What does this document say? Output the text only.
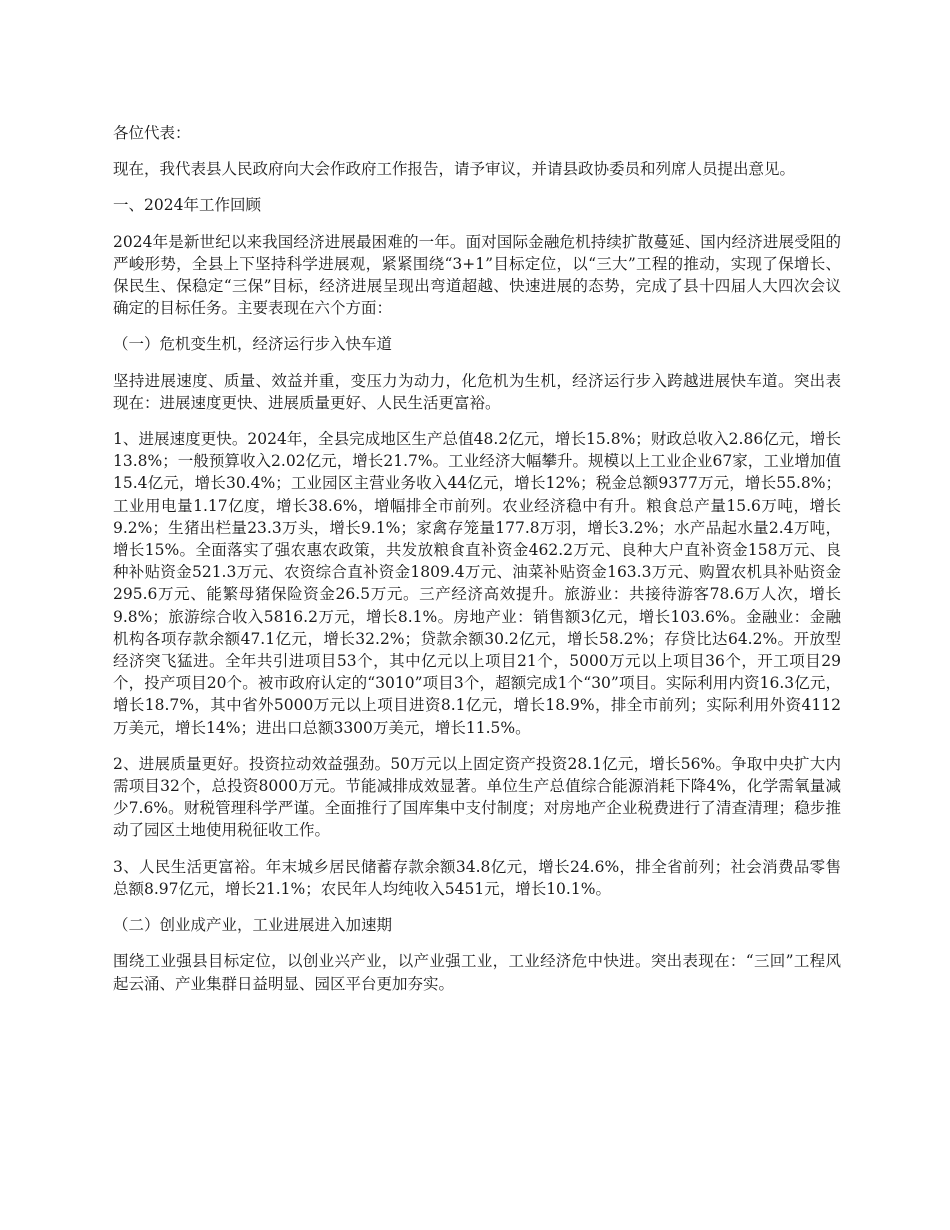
各位代表：

现在，我代表县人民政府向大会作政府工作报告，请予审议，并请县政协委员和列席人员提出意见。

一、2024年工作回顾

2024年是新世纪以来我国经济进展最困难的一年。面对国际金融危机持续扩散蔓延、国内经济进展受阻的严峻形势，全县上下坚持科学进展观，紧紧围绕“3+1”目标定位，以“三大”工程的推动，实现了保增长、保民生、保稳定“三保”目标，经济进展呈现出弯道超越、快速进展的态势，完成了县十四届人大四次会议确定的目标任务。主要表现在六个方面：

（一）危机变生机，经济运行步入快车道

坚持进展速度、质量、效益并重，变压力为动力，化危机为生机，经济运行步入跨越进展快车道。突出表现在：进展速度更快、进展质量更好、人民生活更富裕。

1、进展速度更快。2024年，全县完成地区生产总值48.2亿元，增长15.8%；财政总收入2.86亿元，增长13.8%；一般预算收入2.02亿元，增长21.7%。工业经济大幅攀升。规模以上工业企业67家，工业增加值15.4亿元，增长30.4%；工业园区主营业务收入44亿元，增长12%；税金总额9377万元，增长55.8%；工业用电量1.17亿度，增长38.6%，增幅排全市前列。农业经济稳中有升。粮食总产量15.6万吨，增长9.2%；生猪出栏量23.3万头，增长9.1%；家禽存笼量177.8万羽，增长3.2%；水产品起水量2.4万吨，增长15%。全面落实了强农惠农政策，共发放粮食直补资金462.2万元、良种大户直补资金158万元、良种补贴资金521.3万元、农资综合直补资金1809.4万元、油菜补贴资金163.3万元、购置农机具补贴资金295.6万元、能繁母猪保险资金26.5万元。三产经济高效提升。旅游业：共接待游客78.6万人次，增长9.8%；旅游综合收入5816.2万元，增长8.1%。房地产业：销售额3亿元，增长103.6%。金融业：金融机构各项存款余额47.1亿元，增长32.2%；贷款余额30.2亿元，增长58.2%；存贷比达64.2%。开放型经济突飞猛进。全年共引进项目53个，其中亿元以上项目21个，5000万元以上项目36个，开工项目29个，投产项目20个。被市政府认定的“3010”项目3个，超额完成1个“30”项目。实际利用内资16.3亿元，增长18.7%，其中省外5000万元以上项目进资8.1亿元，增长18.9%，排全市前列；实际利用外资4112万美元，增长14%；进出口总额3300万美元，增长11.5%。

2、进展质量更好。投资拉动效益强劲。50万元以上固定资产投资28.1亿元，增长56%。争取中央扩大内需项目32个，总投资8000万元。节能减排成效显著。单位生产总值综合能源消耗下降4%，化学需氧量减少7.6%。财税管理科学严谨。全面推行了国库集中支付制度；对房地产企业税费进行了清查清理；稳步推动了园区土地使用税征收工作。

3、人民生活更富裕。年末城乡居民储蓄存款余额34.8亿元，增长24.6%，排全省前列；社会消费品零售总额8.97亿元，增长21.1%；农民年人均纯收入5451元，增长10.1%。

（二）创业成产业，工业进展进入加速期

围绕工业强县目标定位，以创业兴产业，以产业强工业，工业经济危中快进。突出表现在：“三回”工程风起云涌、产业集群日益明显、园区平台更加夯实。
